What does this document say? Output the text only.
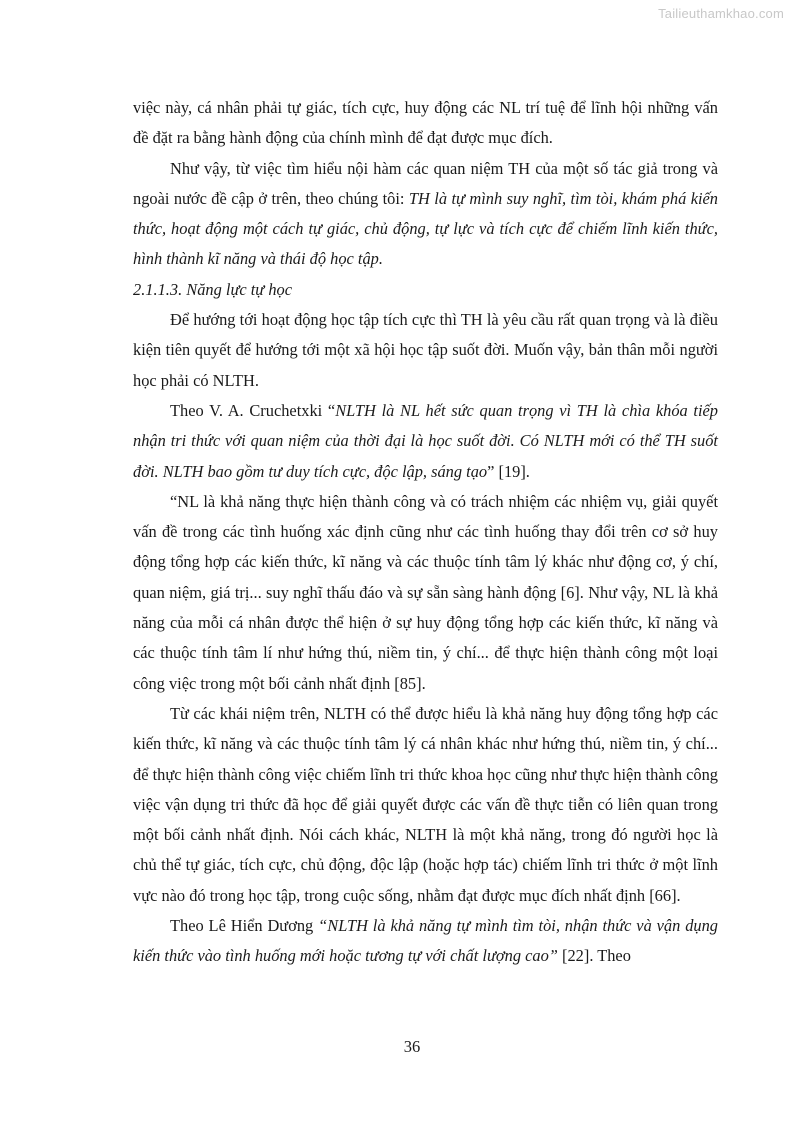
Tailieuthamkhao.com

việc này, cá nhân phải tự giác, tích cực, huy động các NL trí tuệ để lĩnh hội những vấn đề đặt ra bằng hành động của chính mình để đạt được mục đích.

Như vậy, từ việc tìm hiểu nội hàm các quan niệm TH của một số tác giả trong và ngoài nước đề cập ở trên, theo chúng tôi: TH là tự mình suy nghĩ, tìm tòi, khám phá kiến thức, hoạt động một cách tự giác, chủ động, tự lực và tích cực để chiếm lĩnh kiến thức, hình thành kĩ năng và thái độ học tập.

2.1.1.3. Năng lực tự học

Để hướng tới hoạt động học tập tích cực thì TH là yêu cầu rất quan trọng và là điều kiện tiên quyết để hướng tới một xã hội học tập suốt đời. Muốn vậy, bản thân mỗi người học phải có NLTH.

Theo V. A. Cruchetxki “NLTH là NL hết sức quan trọng vì TH là chìa khóa tiếp nhận tri thức với quan niệm của thời đại là học suốt đời. Có NLTH mới có thể TH suốt đời. NLTH bao gồm tư duy tích cực, độc lập, sáng tạo” [19].

“NL là khả năng thực hiện thành công và có trách nhiệm các nhiệm vụ, giải quyết vấn đề trong các tình huống xác định cũng như các tình huống thay đổi trên cơ sở huy động tổng hợp các kiến thức, kĩ năng và các thuộc tính tâm lý khác như động cơ, ý chí, quan niệm, giá trị... suy nghĩ thấu đáo và sự sẵn sàng hành động [6]. Như vậy, NL là khả năng của mỗi cá nhân được thể hiện ở sự huy động tổng hợp các kiến thức, kĩ năng và các thuộc tính tâm lí như hứng thú, niềm tin, ý chí... để thực hiện thành công một loại công việc trong một bối cảnh nhất định [85].

Từ các khái niệm trên, NLTH có thể được hiểu là khả năng huy động tổng hợp các kiến thức, kĩ năng và các thuộc tính tâm lý cá nhân khác như hứng thú, niềm tin, ý chí... để thực hiện thành công việc chiếm lĩnh tri thức khoa học cũng như thực hiện thành công việc vận dụng tri thức đã học để giải quyết được các vấn đề thực tiễn có liên quan trong một bối cảnh nhất định. Nói cách khác, NLTH là một khả năng, trong đó người học là chủ thể tự giác, tích cực, chủ động, độc lập (hoặc hợp tác) chiếm lĩnh tri thức ở một lĩnh vực nào đó trong học tập, trong cuộc sống, nhằm đạt được mục đích nhất định [66].

Theo Lê Hiển Dương “NLTH là khả năng tự mình tìm tòi, nhận thức và vận dụng kiến thức vào tình huống mới hoặc tương tự với chất lượng cao” [22]. Theo

36
